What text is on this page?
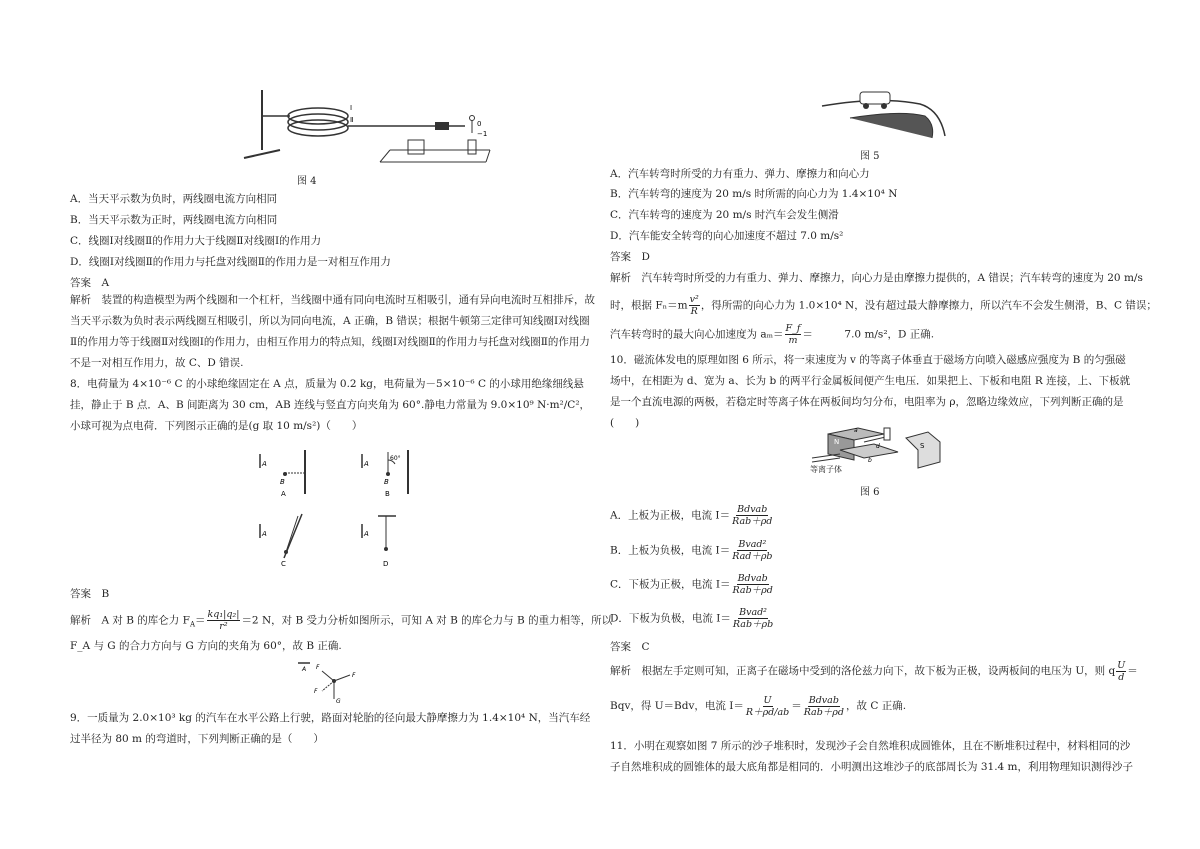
Ⅰ
Ⅱ	0
−1
图 4
A．当天平示数为负时，两线圈电流方向相同
B．当天平示数为正时，两线圈电流方向相同
C．线圈Ⅰ对线圈Ⅱ的作用力大于线圈Ⅱ对线圈Ⅰ的作用力
D．线圈Ⅰ对线圈Ⅱ的作用力与托盘对线圈Ⅱ的作用力是一对相互作用力
答案　A
解析　装置的构造模型为两个线圈和一个杠杆，当线圈中通有同向电流时互相吸引，通有异向电流时互相排斥，故当天平示数为负时表示两线圈互相吸引，所以为同向电流，A 正确，B 错误；根据牛顿第三定律可知线圈Ⅰ对线圈Ⅱ的作用力等于线圈Ⅱ对线圈Ⅰ的作用力，由相互作用力的特点知，线圈Ⅰ对线圈Ⅱ的作用力与托盘对线圈Ⅱ的作用力不是一对相互作用力，故 C、D 错误.
8．电荷量为 4×10⁻⁶ C 的小球绝缘固定在 A 点，质量为 0.2 kg，电荷量为－5×10⁻⁶ C 的小球用绝缘细线悬挂，静止于 B 点．A、B 间距离为 30 cm，AB 连线与竖直方向夹角为 60°.静电力常量为 9.0×10⁹ N·m²/C²，小球可视为点电荷．下列图示正确的是(g 取 10 m/s²)（　　）
A
B
A
A
60°
B
B
A
C
A
D
答案　B
解析　A 对 B 的库仑力 $F_A= \frac{\text{kq₁|q₂|}}{\text{r²}} =2$ N，对 B 受力分析如图所示，可知 A 对 B 的库仑力与 B 的重力相等，所以
F_A 与 G 的合力方向与 G 方向的夹角为 60°，故 B 正确.
A
F
F
F
G
9．一质量为 2.0×10³ kg 的汽车在水平公路上行驶，路面对轮胎的径向最大静摩擦力为 1.4×10⁴ N，当汽车经过半径为 80 m 的弯道时，下列判断正确的是（　　）
图 5
A．汽车转弯时所受的力有重力、弹力、摩擦力和向心力
B．汽车转弯的速度为 20 m/s 时所需的向心力为 1.4×10⁴ N
C．汽车转弯的速度为 20 m/s 时汽车会发生侧滑
D．汽车能安全转弯的向心加速度不超过 7.0 m/s²
答案　D
解析　汽车转弯时所受的力有重力、弹力、摩擦力，向心力是由摩擦力提供的，A 错误；汽车转弯的速度为 20 m/s
时，根据 $F_n=m \frac{\text{v²}}{R}$ ，得所需的向心力为 1.0×10⁴ N，没有超过最大静摩擦力，所以汽车不会发生侧滑，B、C 错误；
汽车转弯时的最大向心加速度为 $a_m= \frac{F\_f}{m}$ ＝　　　7.0 m/s²，D 正确.
10．磁流体发电的原理如图 6 所示，将一束速度为 v 的等离子体垂直于磁场方向喷入磁感应强度为 B 的匀强磁场中，在相距为 d、宽为 a、长为 b 的两平行金属板间便产生电压．如果把上、下板和电阻 R 连接，上、下板就是一个直流电源的两极，若稳定时等离子体在两板间均匀分布，电阻率为 ρ，忽略边缘效应，下列判断正确的是(　　)
a
d
b
N	S
等离子体
图 6
A．上板为正极，电流 $I= \frac{\text{Bdvab}}{\text{Rab＋ρd}}$
B．上板为负极，电流 $I= \frac{\text{Bvad²}}{\text{Rad＋ρb}}$
C．下板为正极，电流 $I= \frac{\text{Bdvab}}{\text{Rab＋ρd}}$
D．下板为负极，电流 $I= \frac{\text{Bvad²}}{\text{Rab＋ρb}}$
答案　C
解析　根据左手定则可知，正离子在磁场中受到的洛伦兹力向下，故下板为正极，设两板间的电压为 U，则 q $\frac{U}{d}$ ＝
Bqv，得 U＝Bdv，电流 $I= \frac{U}{R+\rho d/ab} = \frac{\text{Bdvab}}{\text{Rab＋ρd}}$ ，故 C 正确.
11．小明在观察如图 7 所示的沙子堆积时，发现沙子会自然堆积成圆锥体，且在不断堆积过程中，材料相同的沙子自然堆积成的圆锥体的最大底角都是相同的．小明测出这堆沙子的底部周长为 31.4 m，利用物理知识测得沙子
